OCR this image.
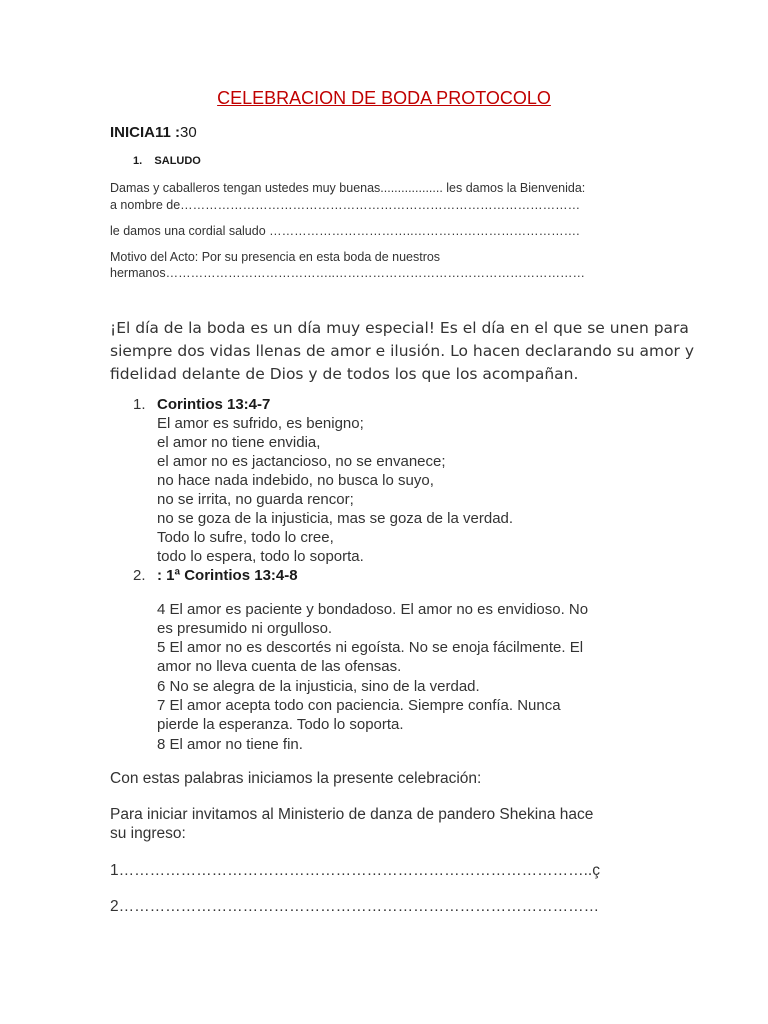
CELEBRACION DE BODA PROTOCOLO
INICIA11 :30
1. SALUDO
Damas y caballeros tengan ustedes muy buenas.................. les damos la Bienvenida:
a nombre de……………………………………………………………………………………
le damos una cordial saludo ……………………………..………………………………….
Motivo del Acto: Por su presencia en esta boda de nuestros
hermanos…………………………………..……………………………………………………
¡El día de la boda es un día muy especial! Es el día en el que se unen para
siempre dos vidas llenas de amor e ilusión. Lo hacen declarando su amor y
fidelidad delante de Dios y de todos los que los acompañan.
1. Corintios 13:4-7
El amor es sufrido, es benigno;
el amor no tiene envidia,
el amor no es jactancioso, no se envanece;
no hace nada indebido, no busca lo suyo,
no se irrita, no guarda rencor;
no se goza de la injusticia, mas se goza de la verdad.
Todo lo sufre, todo lo cree,
todo lo espera, todo lo soporta.
2. : 1ª Corintios 13:4-8
4 El amor es paciente y bondadoso. El amor no es envidioso. No
es presumido ni orgulloso.
5 El amor no es descortés ni egoísta. No se enoja fácilmente. El
amor no lleva cuenta de las ofensas.
6 No se alegra de la injusticia, sino de la verdad.
7 El amor acepta todo con paciencia. Siempre confía. Nunca
pierde la esperanza. Todo lo soporta.
8 El amor no tiene fin.
Con estas palabras iniciamos la presente celebración:
Para iniciar invitamos al Ministerio de danza de pandero Shekina hace
su ingreso:
1………………………………………………………………………………..ç
2…………………………………………………………………………………
